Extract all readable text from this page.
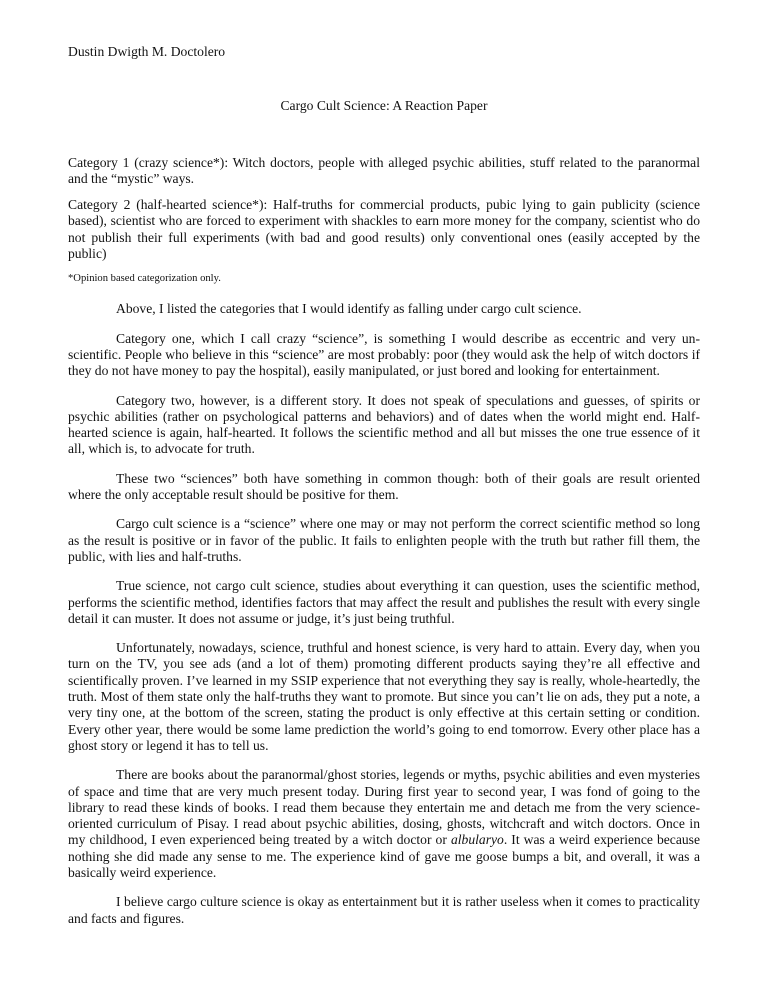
Dustin Dwigth M. Doctolero

Cargo Cult Science: A Reaction Paper

Category 1 (crazy science*): Witch doctors, people with alleged psychic abilities, stuff related to the paranormal and the “mystic” ways.

Category 2 (half-hearted science*): Half-truths for commercial products, pubic lying to gain publicity (science based), scientist who are forced to experiment with shackles to earn more money for the company, scientist who do not publish their full experiments (with bad and good results) only conventional ones (easily accepted by the public)

*Opinion based categorization only.

Above, I listed the categories that I would identify as falling under cargo cult science.

Category one, which I call crazy “science”, is something I would describe as eccentric and very un-scientific. People who believe in this “science” are most probably: poor (they would ask the help of witch doctors if they do not have money to pay the hospital), easily manipulated, or just bored and looking for entertainment.

Category two, however, is a different story. It does not speak of speculations and guesses, of spirits or psychic abilities (rather on psychological patterns and behaviors) and of dates when the world might end. Half-hearted science is again, half-hearted. It follows the scientific method and all but misses the one true essence of it all, which is, to advocate for truth.

These two “sciences” both have something in common though: both of their goals are result oriented where the only acceptable result should be positive for them.

Cargo cult science is a “science” where one may or may not perform the correct scientific method so long as the result is positive or in favor of the public. It fails to enlighten people with the truth but rather fill them, the public, with lies and half-truths.

True science, not cargo cult science, studies about everything it can question, uses the scientific method, performs the scientific method, identifies factors that may affect the result and publishes the result with every single detail it can muster. It does not assume or judge, it’s just being truthful.

Unfortunately, nowadays, science, truthful and honest science, is very hard to attain. Every day, when you turn on the TV, you see ads (and a lot of them) promoting different products saying they’re all effective and scientifically proven. I’ve learned in my SSIP experience that not everything they say is really, whole-heartedly, the truth. Most of them state only the half-truths they want to promote. But since you can’t lie on ads, they put a note, a very tiny one, at the bottom of the screen, stating the product is only effective at this certain setting or condition. Every other year, there would be some lame prediction the world’s going to end tomorrow. Every other place has a ghost story or legend it has to tell us.

There are books about the paranormal/ghost stories, legends or myths, psychic abilities and even mysteries of space and time that are very much present today. During first year to second year, I was fond of going to the library to read these kinds of books. I read them because they entertain me and detach me from the very science-oriented curriculum of Pisay. I read about psychic abilities, dosing, ghosts, witchcraft and witch doctors. Once in my childhood, I even experienced being treated by a witch doctor or albularyo. It was a weird experience because nothing she did made any sense to me. The experience kind of gave me goose bumps a bit, and overall, it was a basically weird experience.

I believe cargo culture science is okay as entertainment but it is rather useless when it comes to practicality and facts and figures.
